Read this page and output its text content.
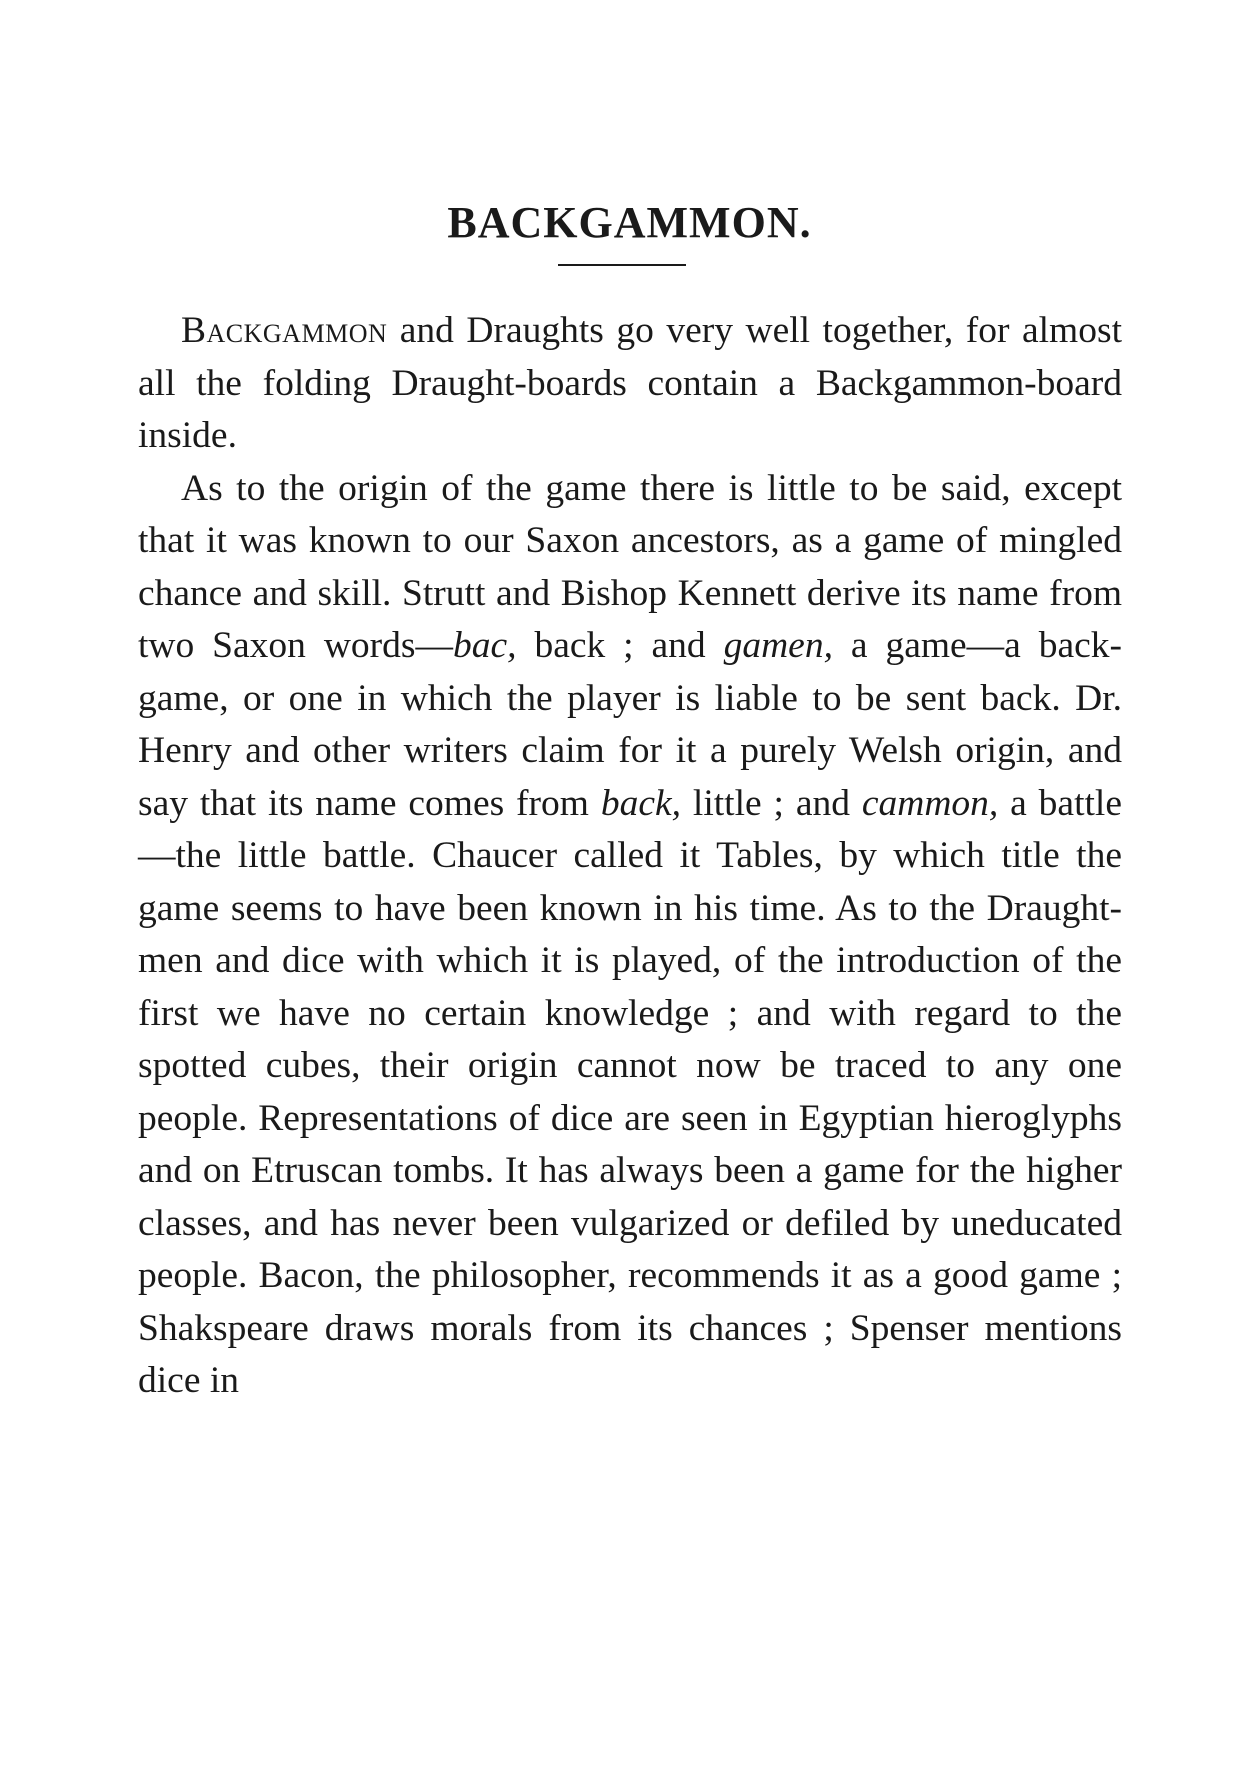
BACKGAMMON.

Backgammon and Draughts go very well together, for almost all the folding Draught-boards contain a Backgammon-board inside.

As to the origin of the game there is little to be said, except that it was known to our Saxon ancestors, as a game of mingled chance and skill. Strutt and Bishop Kennett derive its name from two Saxon words—bac, back ; and gamen, a game—a back-game, or one in which the player is liable to be sent back. Dr. Henry and other writers claim for it a purely Welsh origin, and say that its name comes from back, little ; and cammon, a battle—the little battle. Chaucer called it Tables, by which title the game seems to have been known in his time. As to the Draught-men and dice with which it is played, of the introduction of the first we have no certain knowledge ; and with regard to the spotted cubes, their origin cannot now be traced to any one people. Representations of dice are seen in Egyptian hieroglyphs and on Etruscan tombs. It has always been a game for the higher classes, and has never been vulgarized or defiled by uneducated people. Bacon, the philosopher, recommends it as a good game ; Shakspeare draws morals from its chances ; Spenser mentions dice in
